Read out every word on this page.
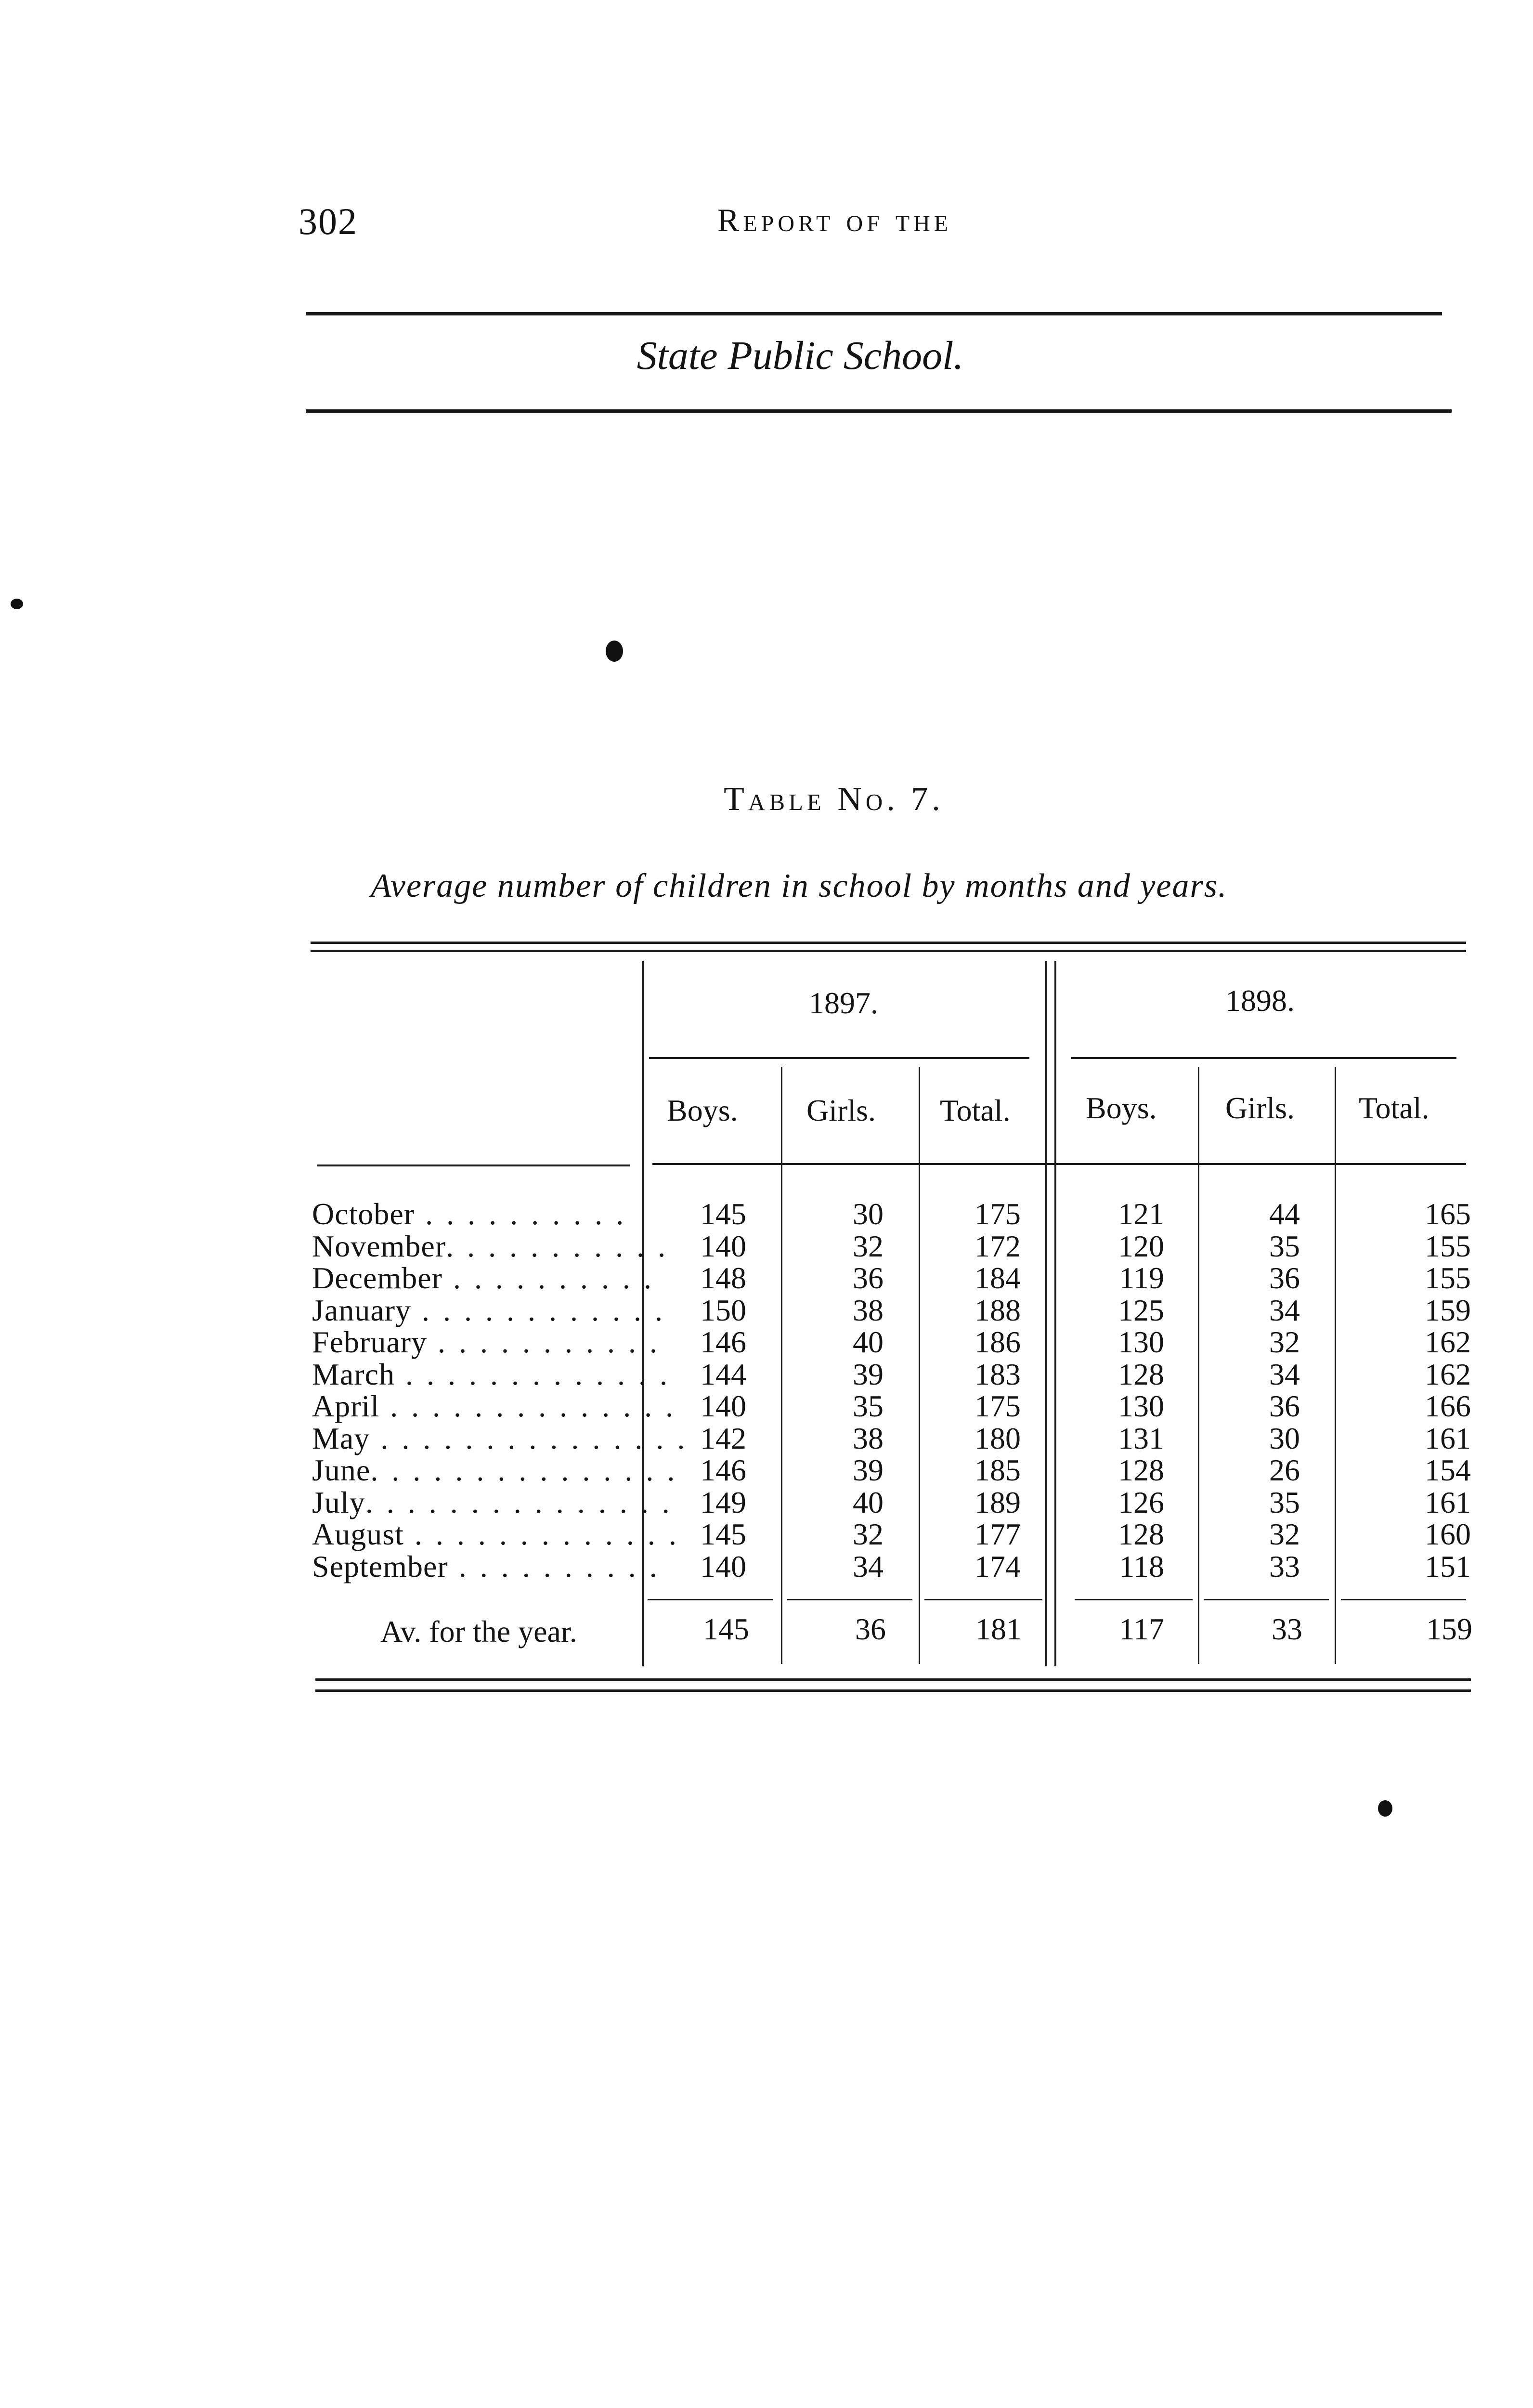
302	Report of the
State Public School.
Table No. 7.
Average number of children in school by months and years.
1897.	1898.
Boys. Girls. Total. Boys. Girls. Total.
October . . . . . . . . . .	145	30	175	121	44	165
November. . . . . . . . . . .	140	32	172	120	35	155
December . . . . . . . . . .	148	36	184	119	36	155
January . . . . . . . . . . . .	150	38	188	125	34	159
February . . . . . . . . . . .	146	40	186	130	32	162
March . . . . . . . . . . . . . 144	39	183	128	34	162
April . . . . . . . . . . . . . . 140	35	175	130	36	166
May . . . . . . . . . . . . . . . 142	38	180	131	30	161
June. . . . . . . . . . . . . . . 146	39	185	128	26	154
July. . . . . . . . . . . . . . . 149	40	189	126	35	161
August . . . . . . . . . . . . . 145	32	177	128	32	160
September . . . . . . . . . .	140	34	174	118	33	151
Av. for the year.	145	36	181	117	33	159
